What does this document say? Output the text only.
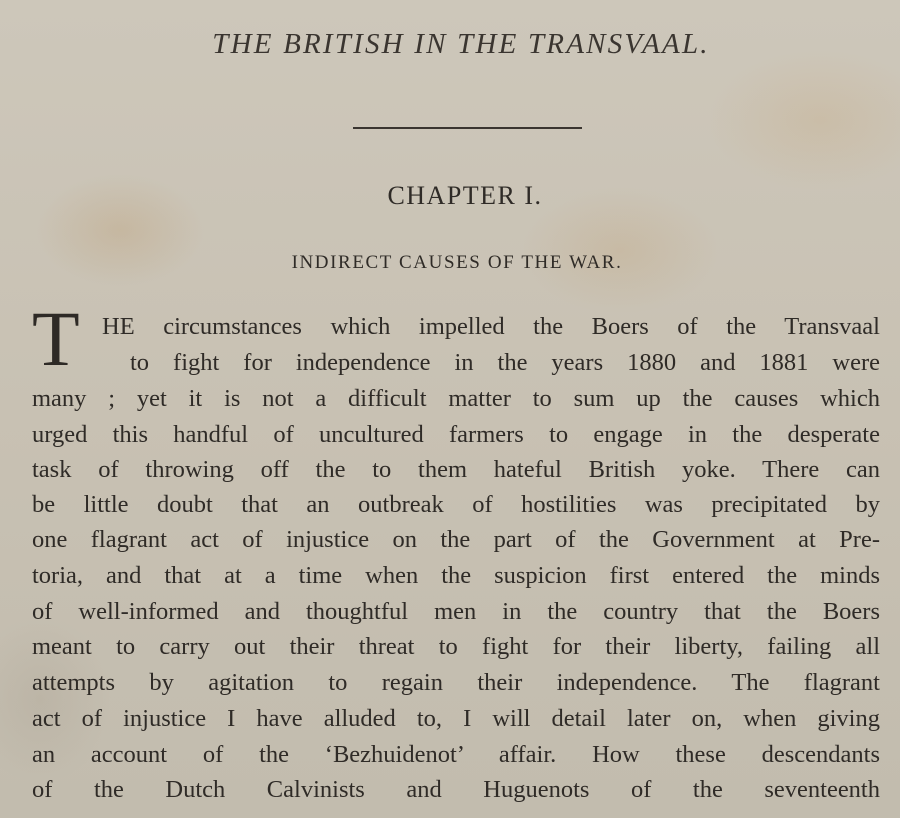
THE BRITISH IN THE TRANSVAAL.
CHAPTER I.
INDIRECT CAUSES OF THE WAR.
T HE circumstances which impelled the Boers of the Transvaal
to fight for independence in the years 1880 and 1881 were
many ; yet it is not a difficult matter to sum up the causes which
urged this handful of uncultured farmers to engage in the desperate
task of throwing off the to them hateful British yoke. There can
be little doubt that an outbreak of hostilities was precipitated by
one flagrant act of injustice on the part of the Government at Pre-
toria, and that at a time when the suspicion first entered the minds
of well-informed and thoughtful men in the country that the Boers
meant to carry out their threat to fight for their liberty, failing all
attempts by agitation to regain their independence. The flagrant
act of injustice I have alluded to, I will detail later on, when giving
an account of the ‘Bezhuidenot’ affair. How these descendants
of the Dutch Calvinists and Huguenots of the seventeenth
